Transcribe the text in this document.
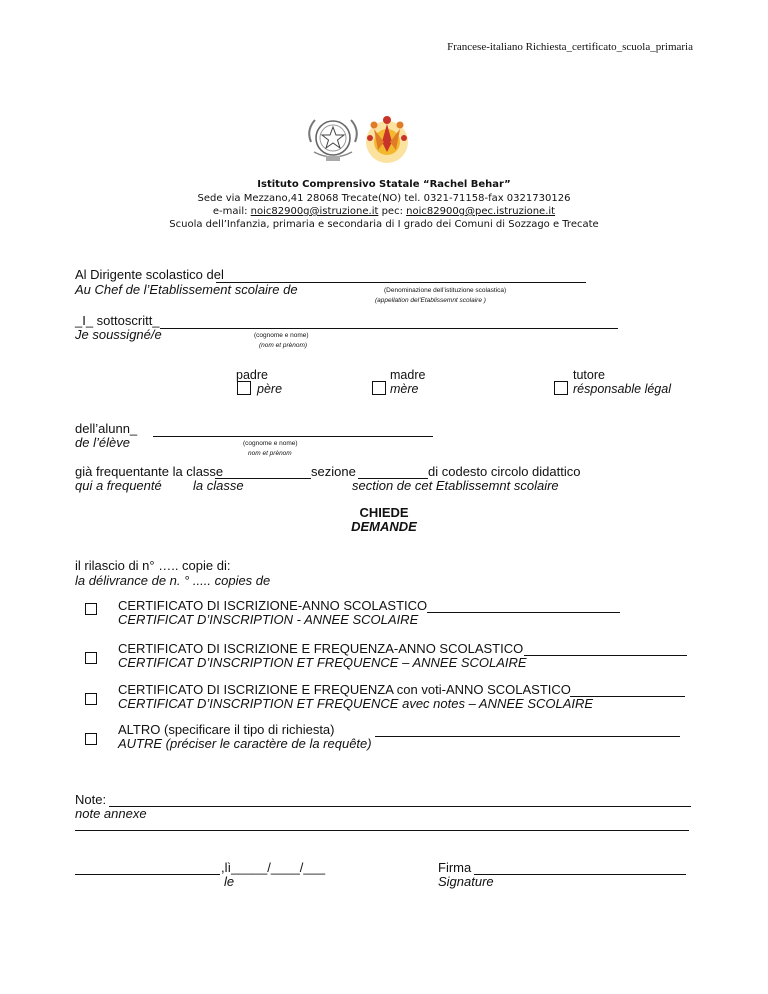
Francese-italiano Richiesta_certificato_scuola_primaria
Istituto Comprensivo Statale “Rachel Behar”
Sede via Mezzano,41 28068 Trecate(NO) tel. 0321-71158-fax 0321730126
e-mail: noic82900g@istruzione.it pec: noic82900g@pec.istruzione.it
Scuola dell’Infanzia, primaria e secondaria di I grado dei Comuni di Sozzago e Trecate
Al Dirigente scolastico del
Au Chef de l’Etablissement scolaire de	(Denominazione dell’istituzione scolastica)
(appellation del’Etablissemnt scolaire )
_I_ sottoscritt_
Je soussigné/e	(cognome e nome)
(nom et prènom)
padre
père
madre
mère
tutore
résponsable légal
dell’alunn_
de l’élève	(cognome e nome)
nom et prènom
già frequentante la classe	sezione	di codesto circolo didattico
qui a frequenté la classe	section de cet Etablissemnt scolaire
CHIEDE
DEMANDE
il rilascio di n° ….. copie di:
la délivrance de n. ° ..... copies de
CERTIFICATO DI ISCRIZIONE-ANNO SCOLASTICO
CERTIFICAT D’INSCRIPTION - ANNEE SCOLAIRE
CERTIFICATO DI ISCRIZIONE E FREQUENZA-ANNO SCOLASTICO
CERTIFICAT D’INSCRIPTION ET FREQUENCE – ANNEE SCOLAIRE
CERTIFICATO DI ISCRIZIONE E FREQUENZA con voti-ANNO SCOLASTICO
CERTIFICAT D’INSCRIPTION ET FREQUENCE avec notes – ANNEE SCOLAIRE
ALTRO (specificare il tipo di richiesta)
AUTRE (préciser le caractère de la requête)
Note:
note annexe
,lì_____/____/___
le
Firma
Signature
